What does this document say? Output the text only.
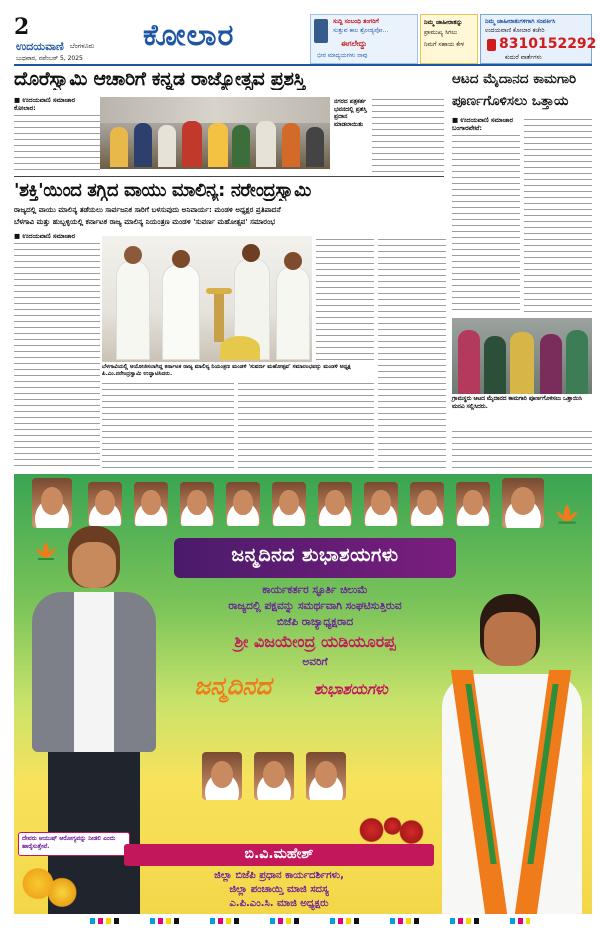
2
ಉದಯವಾಣಿ ಬೆಂಗಳೂರು
ಬುಧವಾರ, ನವೆಂಬರ್ 5, 2025
ಕೋಲಾರ	ಸುದ್ದಿ ಸಂಬಂಧಿ ತಂಗರಿಗೆ
ಸುತ್ತುವ ಕಾಲ ಶ್ರೋಡ್ಯವೋ...
ಈಗಲೇದ್ದು
ಭೀರ ಮಾದ್ಯಯಗಳು ನಾವು
ನಿಮ್ಮ ಜಾಹೀರಾತನ್ನು
ಪ್ರಾಮುಖ್ಯ ಸಿಗಲು
ನಿಮಗೆ ಸಹಾಯ ಕೇಳ
ನಿಮ್ಮ ಜಾಹೀರಾತುಗಳಿಗಾಗಿ ಸಂಪರ್ಕಿಸಿ
ಉದಯವಾಣಿ ಕೋಲಾರ ಕಚೇರಿ
8310152292
ಕುದುರೆ ವಾರ್ತೆಗಳು
ದೊರೆಸ್ವಾಮಿ ಆಚಾರಿಗೆ ಕನ್ನಡ ರಾಜ್ಯೋತ್ಸವ ಪ್ರಶಸ್ತಿ
■ ಉದಯವಾಣಿ ಸಮಾಚಾರ
ಕೋಲಾರ:
ನಗರದ ಪತ್ರಕರ್ತ ಭವನದಲ್ಲಿ ಪ್ರಶಸ್ತಿ ಪ್ರದಾನ ಮಾಡಲಾಯಿತು
ಆಟದ ಮೈದಾನದ ಕಾಮಗಾರಿ ಪೂರ್ಣಗೊಳಿಸಲು ಒತ್ತಾಯ
■ ಉದಯವಾಣಿ ಸಮಾಚಾರ
ಬಂಗಾರಪೇಟೆ:
ಗ್ರಾಮಸ್ಥರು ಆಟದ ಮೈದಾನದ ಕಾಮಗಾರಿ ಪೂರ್ಣಗೊಳಿಸಲು ಒತ್ತಾಯಿಸಿ ಮನವಿ ಸಲ್ಲಿಸಿದರು.
'ಶಕ್ತಿ'ಯಿಂದ ತಗ್ಗಿದ ವಾಯು ಮಾಲಿನ್ಯ: ನರೇಂದ್ರಸ್ವಾಮಿ
ರಾಜ್ಯದಲ್ಲಿ ವಾಯು ಮಾಲಿನ್ಯ ತಡೆಯಲು ಸಾರ್ವಜನಿಕ ಸಾರಿಗೆ ಬಳಸುವುದು ಅನಿವಾರ್ಯ: ಮಂಡಳಿ ಅಧ್ಯಕ್ಷರ ಪ್ರತಿಪಾದನೆ
ಬೆಳಗಾವಿ ಮತ್ತು ಹುಬ್ಬಳ್ಳಿಯಲ್ಲಿ ಕರ್ನಾಟಕ ರಾಜ್ಯ ಮಾಲಿನ್ಯ ನಿಯಂತ್ರಣ ಮಂಡಳಿ 'ಸುವರ್ಣ ಮಹೋತ್ಸವ' ಸಮಾರಂಭ
■ ಉದಯವಾಣಿ ಸಮಾಚಾರ
ಬೆಳಗಾವಿಯಲ್ಲಿ ಆಯೋಜಿಸಲಾಗಿದ್ದ ಕರ್ನಾಟಕ ರಾಜ್ಯ ಮಾಲಿನ್ಯ ನಿಯಂತ್ರಣ ಮಂಡಳಿ 'ಸುವರ್ಣ ಮಹೋತ್ಸವ' ಸಮಾರಂಭವನ್ನು ಮಂಡಳಿ ಅಧ್ಯಕ್ಷ ಪಿ.ಎಂ.ನರೇಂದ್ರಸ್ವಾಮಿ ಉದ್ಘಾಟಿಸಿದರು.
ಜನ್ಮದಿನದ ಶುಭಾಶಯಗಳು
ಕಾರ್ಯಕರ್ತರ ಸ್ಫೂರ್ತಿ ಚಿಲುಮೆ
ರಾಜ್ಯದಲ್ಲಿ ಪಕ್ಷವನ್ನು ಸಮರ್ಥವಾಗಿ ಸಂಘಟಿಸುತ್ತಿರುವ
ಬಿಜೆಪಿ ರಾಜ್ಯಾಧ್ಯಕ್ಷರಾದ
ಶ್ರೀ ವಿಜಯೇಂದ್ರ ಯಡಿಯೂರಪ್ಪ
ಅವರಿಗೆ
ಜನ್ಮದಿನದ	ಶುಭಾಶಯಗಳು
ದೇವರು ಆಯುಷ್ ಆರೋಗ್ಯವನ್ನು ನೀಡಲಿ ಎಂದು ಹಾರೈಸುತ್ತೇವೆ.	ಬಿ.ವಿ.ಮಹೇಶ್
ಜಿಲ್ಲಾ ಬಿಜೆಪಿ ಪ್ರಧಾನ ಕಾರ್ಯದರ್ಶಿಗಳು,
ಜಿಲ್ಲಾ ಪಂಚಾಯ್ತಿ ಮಾಜಿ ಸದಸ್ಯ
ಎ.ಪಿ.ಎಂ.ಸಿ. ಮಾಜಿ ಅಧ್ಯಕ್ಷರು
